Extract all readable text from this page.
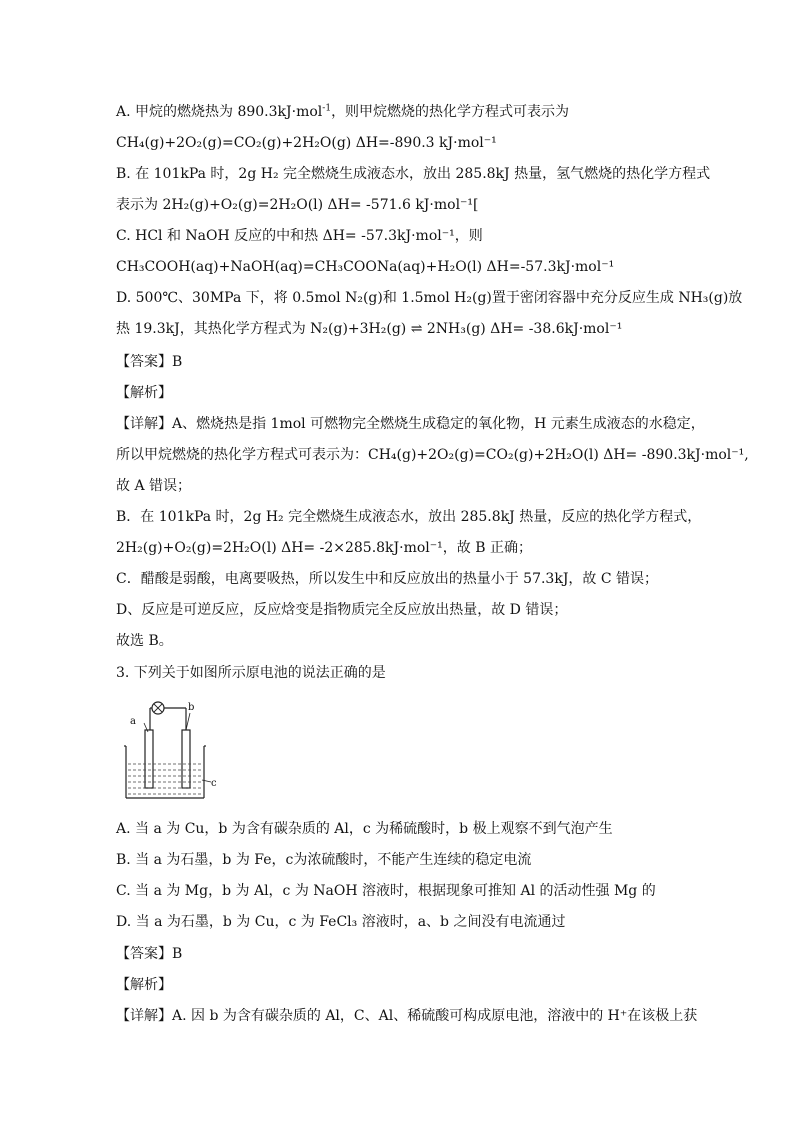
A. 甲烷的燃烧热为 890.3kJ·mol$^{-1}$，则甲烷燃烧的热化学方程式可表示为
CH₄(g)+2O₂(g)=CO₂(g)+2H₂O(g) ΔH=-890.3 kJ·mol⁻¹
B. 在 101kPa 时，2g H₂ 完全燃烧生成液态水，放出 285.8kJ 热量，氢气燃烧的热化学方程式
表示为 2H₂(g)+O₂(g)=2H₂O(l) ΔH= -571.6 kJ·mol⁻¹[
C. HCl 和 NaOH 反应的中和热 ΔH= -57.3kJ·mol⁻¹，则
CH₃COOH(aq)+NaOH(aq)=CH₃COONa(aq)+H₂O(l) ΔH=-57.3kJ·mol⁻¹
D. 500℃、30MPa 下，将 0.5mol N₂(g)和 1.5mol H₂(g)置于密闭容器中充分反应生成 NH₃(g)放
热 19.3kJ，其热化学方程式为 N₂(g)+3H₂(g) ⇌ 2NH₃(g) ΔH= -38.6kJ·mol⁻¹
【答案】B
【解析】
【详解】A、燃烧热是指 1mol 可燃物完全燃烧生成稳定的氧化物，H 元素生成液态的水稳定，
所以甲烷燃烧的热化学方程式可表示为：CH₄(g)+2O₂(g)=CO₂(g)+2H₂O(l) ΔH= -890.3kJ·mol⁻¹,
故 A 错误；
B．在 101kPa 时，2g H₂ 完全燃烧生成液态水，放出 285.8kJ 热量，反应的热化学方程式，
2H₂(g)+O₂(g)=2H₂O(l) ΔH= -2×285.8kJ·mol⁻¹，故 B 正确；
C．醋酸是弱酸，电离要吸热，所以发生中和反应放出的热量小于 57.3kJ，故 C 错误；
D、反应是可逆反应，反应焓变是指物质完全反应放出热量，故 D 错误；
故选 B。
3. 下列关于如图所示原电池的说法正确的是
a
b
c
A. 当 a 为 Cu，b 为含有碳杂质的 Al，c 为稀硫酸时，b 极上观察不到气泡产生
B. 当 a 为石墨，b 为 Fe，c为浓硫酸时，不能产生连续的稳定电流
C. 当 a 为 Mg，b 为 Al，c 为 NaOH 溶液时，根据现象可推知 Al 的活动性强 Mg 的
D. 当 a 为石墨，b 为 Cu，c 为 FeCl₃ 溶液时，a、b 之间没有电流通过
【答案】B
【解析】
【详解】A. 因 b 为含有碳杂质的 Al，C、Al、稀硫酸可构成原电池，溶液中的 H⁺在该极上获
